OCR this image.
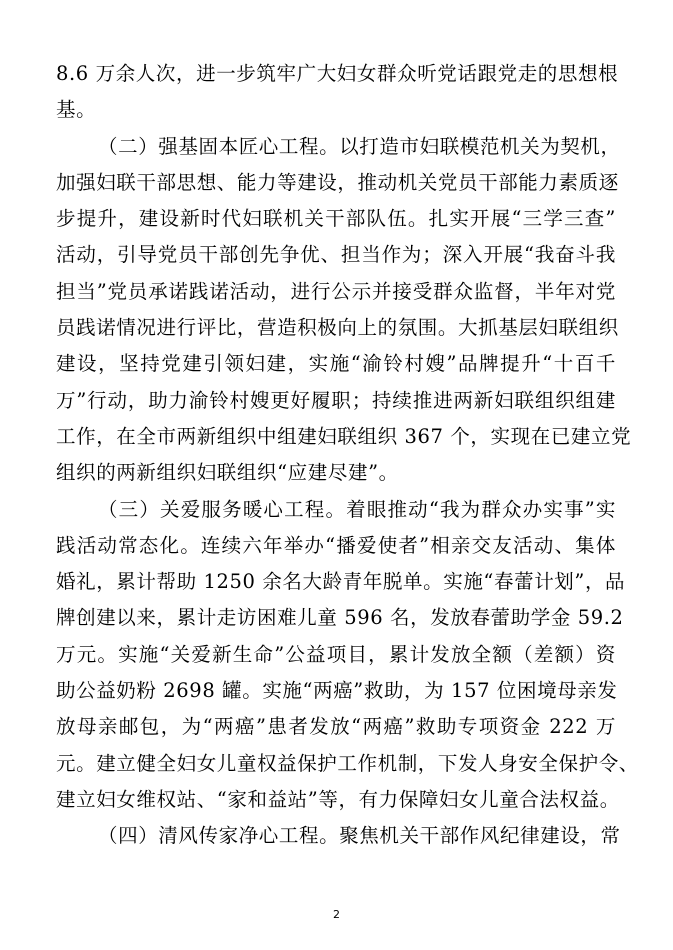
8.6 万余人次，进一步筑牢广大妇女群众听党话跟党走的思想根
基。
（二）强基固本匠心工程。以打造市妇联模范机关为契机，
加强妇联干部思想、能力等建设，推动机关党员干部能力素质逐
步提升，建设新时代妇联机关干部队伍。扎实开展“三学三查”
活动，引导党员干部创先争优、担当作为；深入开展“我奋斗我
担当”党员承诺践诺活动，进行公示并接受群众监督，半年对党
员践诺情况进行评比，营造积极向上的氛围。大抓基层妇联组织
建设，坚持党建引领妇建，实施“渝铃村嫂”品牌提升“十百千
万”行动，助力渝铃村嫂更好履职；持续推进两新妇联组织组建
工作，在全市两新组织中组建妇联组织 367 个，实现在已建立党
组织的两新组织妇联组织“应建尽建”。
（三）关爱服务暖心工程。着眼推动“我为群众办实事”实
践活动常态化。连续六年举办“播爱使者”相亲交友活动、集体
婚礼，累计帮助 1250 余名大龄青年脱单。实施“春蕾计划”，品
牌创建以来，累计走访困难儿童 596 名，发放春蕾助学金 59.2
万元。实施“关爱新生命”公益项目，累计发放全额（差额）资
助公益奶粉 2698 罐。实施“两癌”救助，为 157 位困境母亲发
放母亲邮包，为“两癌”患者发放“两癌”救助专项资金 222 万
元。建立健全妇女儿童权益保护工作机制，下发人身安全保护令、
建立妇女维权站、“家和益站”等，有力保障妇女儿童合法权益。
（四）清风传家净心工程。聚焦机关干部作风纪律建设，常
2
